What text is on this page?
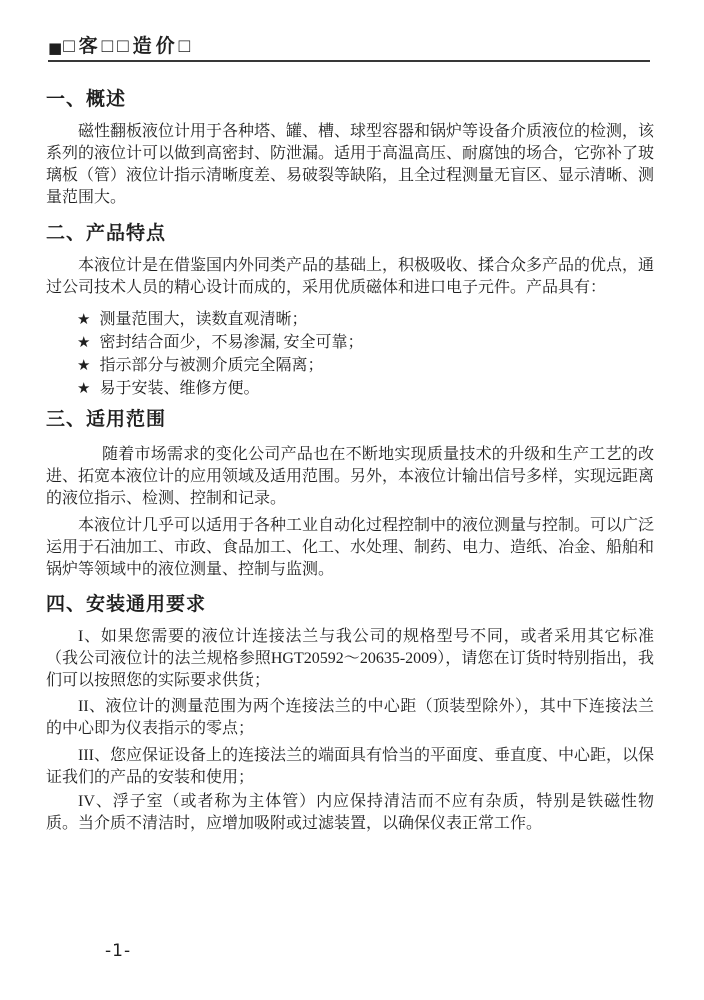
■□客□□造价□
一、概述

磁性翻板液位计用于各种塔、罐、槽、球型容器和锅炉等设备介质液位的检测，该系列的液位计可以做到高密封、防泄漏。适用于高温高压、耐腐蚀的场合，它弥补了玻璃板（管）液位计指示清晰度差、易破裂等缺陷，且全过程测量无盲区、显示清晰、测量范围大。

二、产品特点

本液位计是在借鉴国内外同类产品的基础上，积极吸收、揉合众多产品的优点，通过公司技术人员的精心设计而成的，采用优质磁体和进口电子元件。产品具有：

★ 测量范围大，读数直观清晰；
★ 密封结合面少，不易渗漏, 安全可靠；
★ 指示部分与被测介质完全隔离；
★ 易于安装、维修方便。
三、适用范围

随着市场需求的变化公司产品也在不断地实现质量技术的升级和生产工艺的改进、拓宽本液位计的应用领域及适用范围。另外，本液位计输出信号多样，实现远距离的液位指示、检测、控制和记录。

本液位计几乎可以适用于各种工业自动化过程控制中的液位测量与控制。可以广泛运用于石油加工、市政、食品加工、化工、水处理、制药、电力、造纸、冶金、船舶和锅炉等领域中的液位测量、控制与监测。

四、安装通用要求

I、如果您需要的液位计连接法兰与我公司的规格型号不同，或者采用其它标准（我公司液位计的法兰规格参照HGT20592～20635-2009），请您在订货时特别指出，我们可以按照您的实际要求供货；

II、液位计的测量范围为两个连接法兰的中心距（顶装型除外），其中下连接法兰的中心即为仪表指示的零点；

III、您应保证设备上的连接法兰的端面具有恰当的平面度、垂直度、中心距，以保证我们的产品的安装和使用；

IV、浮子室（或者称为主体管）内应保持清洁而不应有杂质，特别是铁磁性物质。当介质不清洁时，应增加吸附或过滤装置，以确保仪表正常工作。

-1-
